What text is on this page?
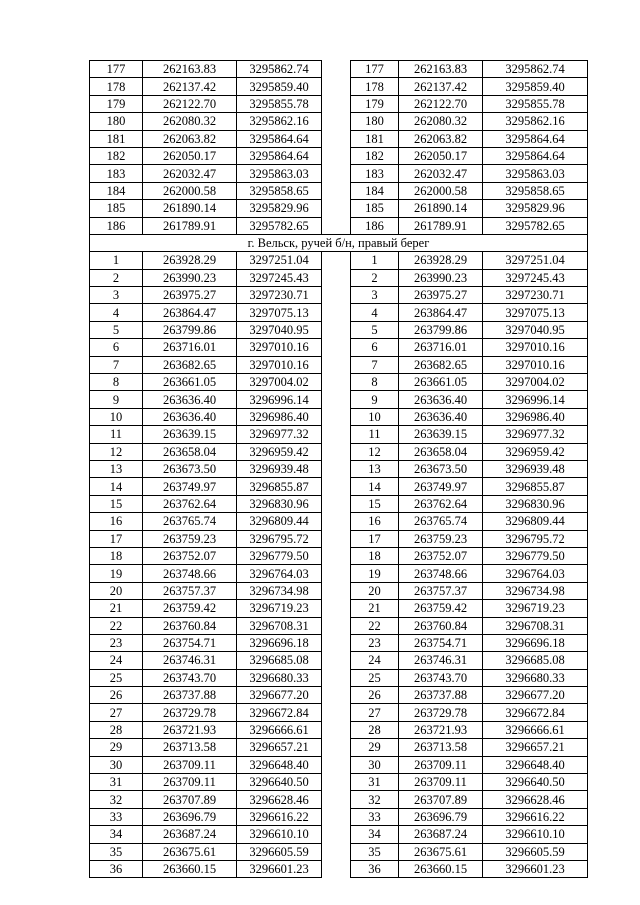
177	262163.83	3295862.74		177	262163.83	3295862.74
178	262137.42	3295859.40		178	262137.42	3295859.40
179	262122.70	3295855.78		179	262122.70	3295855.78
180	262080.32	3295862.16		180	262080.32	3295862.16
181	262063.82	3295864.64		181	262063.82	3295864.64
182	262050.17	3295864.64		182	262050.17	3295864.64
183	262032.47	3295863.03		183	262032.47	3295863.03
184	262000.58	3295858.65		184	262000.58	3295858.65
185	261890.14	3295829.96		185	261890.14	3295829.96
186	261789.91	3295782.65		186	261789.91	3295782.65
г. Вельск, ручей б/н, правый берег						
1	263928.29	3297251.04		1	263928.29	3297251.04
2	263990.23	3297245.43		2	263990.23	3297245.43
3	263975.27	3297230.71		3	263975.27	3297230.71
4	263864.47	3297075.13		4	263864.47	3297075.13
5	263799.86	3297040.95		5	263799.86	3297040.95
6	263716.01	3297010.16		6	263716.01	3297010.16
7	263682.65	3297010.16		7	263682.65	3297010.16
8	263661.05	3297004.02		8	263661.05	3297004.02
9	263636.40	3296996.14		9	263636.40	3296996.14
10	263636.40	3296986.40		10	263636.40	3296986.40
11	263639.15	3296977.32		11	263639.15	3296977.32
12	263658.04	3296959.42		12	263658.04	3296959.42
13	263673.50	3296939.48		13	263673.50	3296939.48
14	263749.97	3296855.87		14	263749.97	3296855.87
15	263762.64	3296830.96		15	263762.64	3296830.96
16	263765.74	3296809.44		16	263765.74	3296809.44
17	263759.23	3296795.72		17	263759.23	3296795.72
18	263752.07	3296779.50		18	263752.07	3296779.50
19	263748.66	3296764.03		19	263748.66	3296764.03
20	263757.37	3296734.98		20	263757.37	3296734.98
21	263759.42	3296719.23		21	263759.42	3296719.23
22	263760.84	3296708.31		22	263760.84	3296708.31
23	263754.71	3296696.18		23	263754.71	3296696.18
24	263746.31	3296685.08		24	263746.31	3296685.08
25	263743.70	3296680.33		25	263743.70	3296680.33
26	263737.88	3296677.20		26	263737.88	3296677.20
27	263729.78	3296672.84		27	263729.78	3296672.84
28	263721.93	3296666.61		28	263721.93	3296666.61
29	263713.58	3296657.21		29	263713.58	3296657.21
30	263709.11	3296648.40		30	263709.11	3296648.40
31	263709.11	3296640.50		31	263709.11	3296640.50
32	263707.89	3296628.46		32	263707.89	3296628.46
33	263696.79	3296616.22		33	263696.79	3296616.22
34	263687.24	3296610.10		34	263687.24	3296610.10
35	263675.61	3296605.59		35	263675.61	3296605.59
36	263660.15	3296601.23		36	263660.15	3296601.23
